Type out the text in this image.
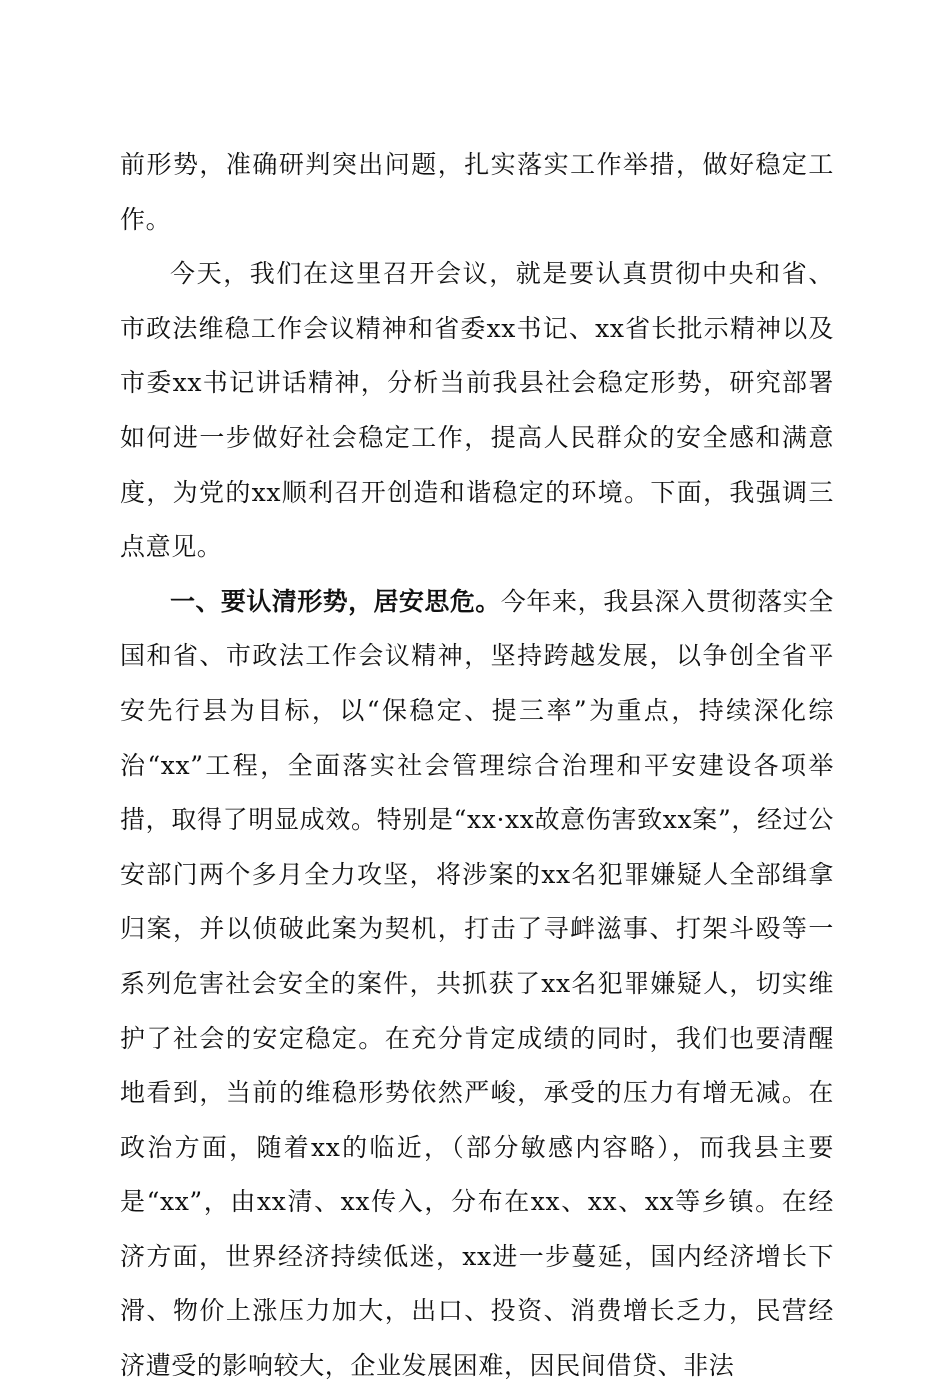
前形势，准确研判突出问题，扎实落实工作举措，做好稳定工作。

今天，我们在这里召开会议，就是要认真贯彻中央和省、市政法维稳工作会议精神和省委xx书记、xx省长批示精神以及市委xx书记讲话精神，分析当前我县社会稳定形势，研究部署如何进一步做好社会稳定工作，提高人民群众的安全感和满意度，为党的xx顺利召开创造和谐稳定的环境。下面，我强调三点意见。

一、要认清形势，居安思危。今年来，我县深入贯彻落实全国和省、市政法工作会议精神，坚持跨越发展，以争创全省平安先行县为目标，以“保稳定、提三率”为重点，持续深化综治“xx”工程，全面落实社会管理综合治理和平安建设各项举措，取得了明显成效。特别是“xx·xx故意伤害致xx案”，经过公安部门两个多月全力攻坚，将涉案的xx名犯罪嫌疑人全部缉拿归案，并以侦破此案为契机，打击了寻衅滋事、打架斗殴等一系列危害社会安全的案件，共抓获了xx名犯罪嫌疑人，切实维护了社会的安定稳定。在充分肯定成绩的同时，我们也要清醒地看到，当前的维稳形势依然严峻，承受的压力有增无减。在政治方面，随着xx的临近，（部分敏感内容略），而我县主要是“xx”，由xx清、xx传入，分布在xx、xx、xx等乡镇。在经济方面，世界经济持续低迷，xx进一步蔓延，国内经济增长下滑、物价上涨压力加大，出口、投资、消费增长乏力，民营经济遭受的影响较大，企业发展困难，因民间借贷、非法
